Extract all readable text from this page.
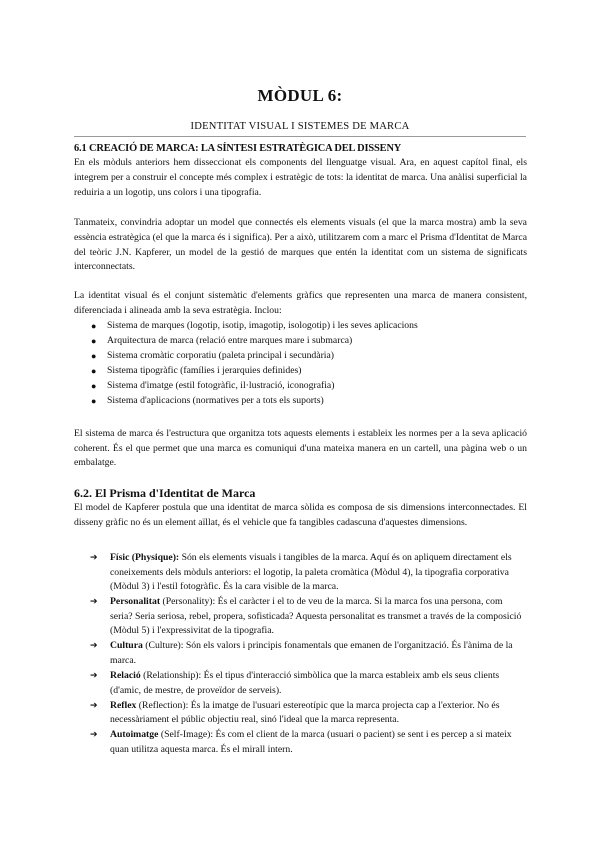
MÒDUL 6:
IDENTITAT VISUAL I SISTEMES DE MARCA
6.1 CREACIÓ DE MARCA: LA SÍNTESI ESTRATÈGICA DEL DISSENY

En els mòduls anteriors hem disseccionat els components del llenguatge visual. Ara, en aquest capítol final, els integrem per a construir el concepte més complex i estratègic de tots: la identitat de marca. Una anàlisi superficial la reduiria a un logotip, uns colors i una tipografia.

Tanmateix, convindria adoptar un model que connectés els elements visuals (el que la marca mostra) amb la seva essència estratègica (el que la marca és i significa). Per a això, utilitzarem com a marc el Prisma d'Identitat de Marca del teòric J.N. Kapferer, un model de la gestió de marques que entén la identitat com un sistema de significats interconnectats.

La identitat visual és el conjunt sistemàtic d'elements gràfics que representen una marca de manera consistent, diferenciada i alineada amb la seva estratègia. Inclou:

● Sistema de marques (logotip, isotip, imagotip, isologotip) i les seves aplicacions
● Arquitectura de marca (relació entre marques mare i submarca)
● Sistema cromàtic corporatiu (paleta principal i secundària)
● Sistema tipogràfic (famílies i jerarquies definides)
● Sistema d'imatge (estil fotogràfic, il·lustració, iconografia)
● Sistema d'aplicacions (normatives per a tots els suports)

El sistema de marca és l'estructura que organitza tots aquests elements i estableix les normes per a la seva aplicació coherent. És el que permet que una marca es comuniqui d'una mateixa manera en un cartell, una pàgina web o un embalatge.

6.2. El Prisma d'Identitat de Marca

El model de Kapferer postula que una identitat de marca sòlida es composa de sis dimensions interconnectades. El disseny gràfic no és un element aïllat, és el vehicle que fa tangibles cadascuna d'aquestes dimensions.

➔ Físic (Physique): Són els elements visuals i tangibles de la marca. Aquí és on apliquem directament els coneixements dels mòduls anteriors: el logotip, la paleta cromàtica (Mòdul 4), la tipografia corporativa (Mòdul 3) i l'estil fotogràfic. És la cara visible de la marca.
➔ Personalitat (Personality): És el caràcter i el to de veu de la marca. Si la marca fos una persona, com seria? Seria seriosa, rebel, propera, sofisticada? Aquesta personalitat es transmet a través de la composició (Mòdul 5) i l'expressivitat de la tipografia.
➔ Cultura (Culture): Són els valors i principis fonamentals que emanen de l'organització. És l'ànima de la marca.
➔ Relació (Relationship): És el tipus d'interacció simbòlica que la marca estableix amb els seus clients (d'amic, de mestre, de proveïdor de serveis).
➔ Reflex (Reflection): És la imatge de l'usuari estereotípic que la marca projecta cap a l'exterior. No és necessàriament el públic objectiu real, sinó l'ideal que la marca representa.
➔ Autoimatge (Self-Image): És com el client de la marca (usuari o pacient) se sent i es percep a si mateix quan utilitza aquesta marca. És el mirall intern.
